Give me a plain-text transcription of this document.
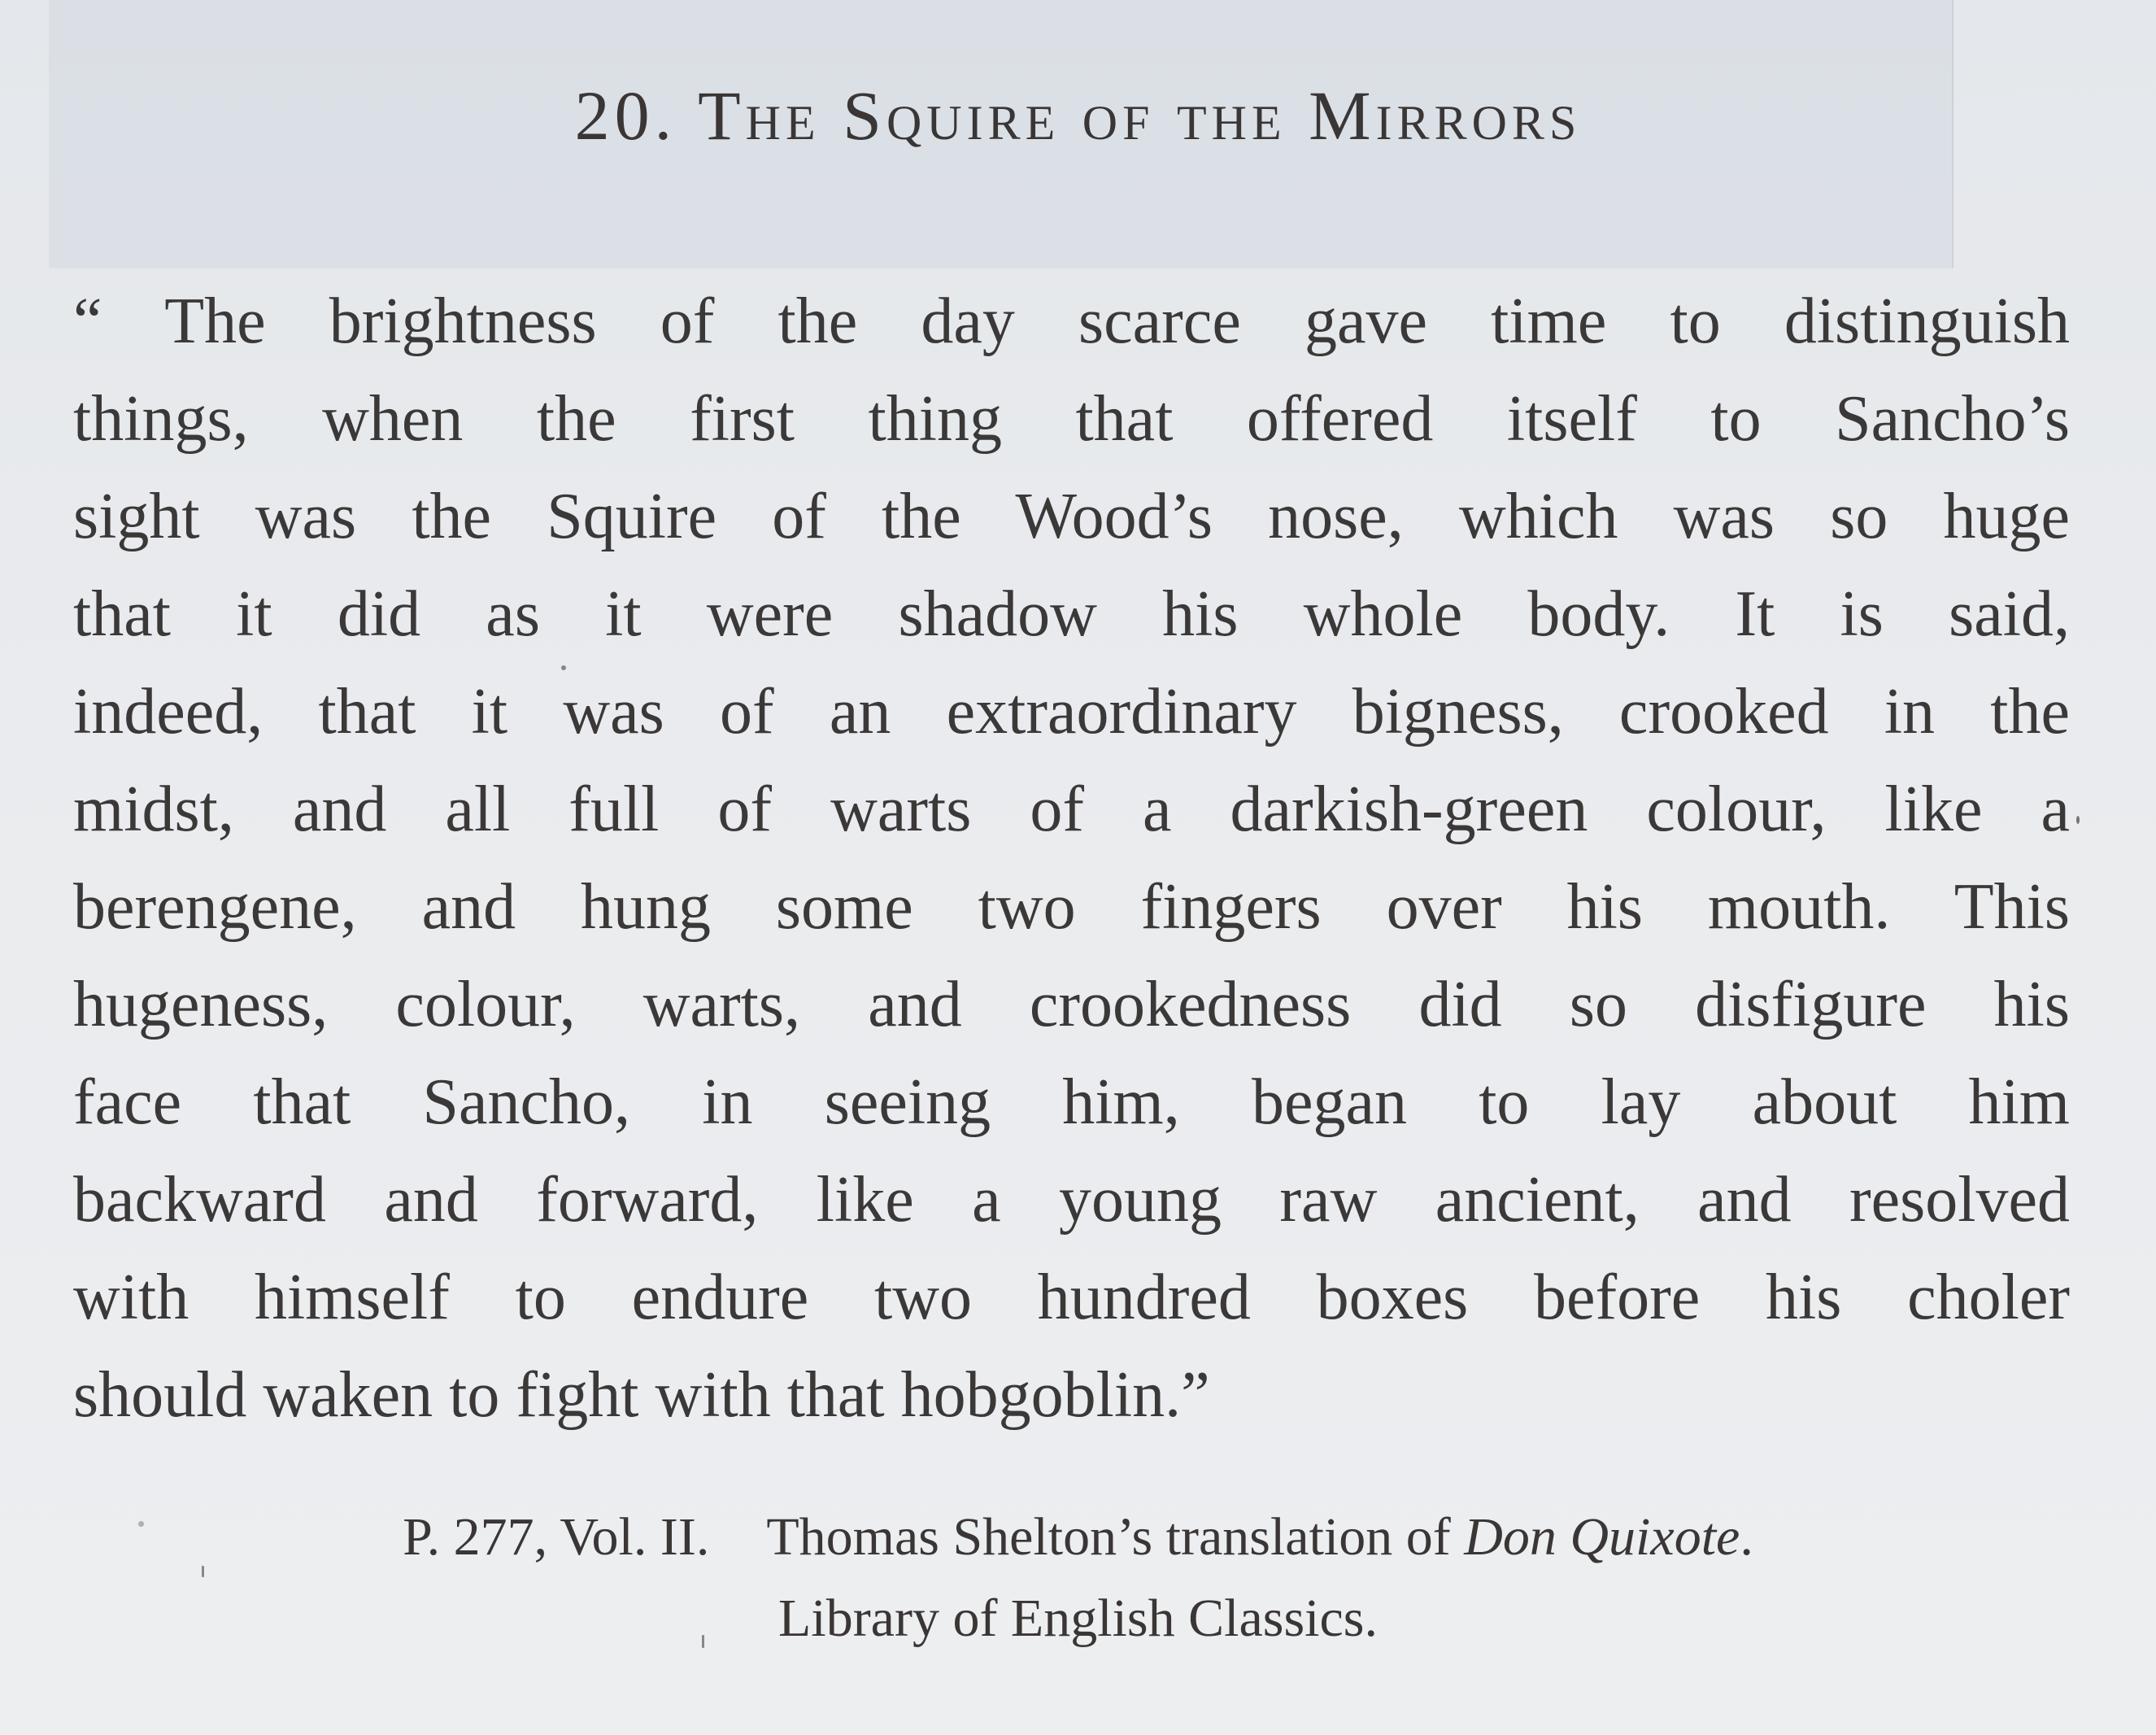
20. The Squire of the Mirrors
“ The brightness of the day scarce gave time to distinguish
things, when the first thing that offered itself to Sancho’s
sight was the Squire of the Wood’s nose, which was so huge
that it did as it were shadow his whole body. It is said,
indeed, that it was of an extraordinary bigness, crooked in the
midst, and all full of warts of a darkish-green colour, like a
berengene, and hung some two fingers over his mouth. This
hugeness, colour, warts, and crookedness did so disfigure his
face that Sancho, in seeing him, began to lay about him
backward and forward, like a young raw ancient, and resolved
with himself to endure two hundred boxes before his choler
should waken to fight with that hobgoblin.”
P. 277, Vol. II. Thomas Shelton’s translation of Don Quixote.
Library of English Classics.
